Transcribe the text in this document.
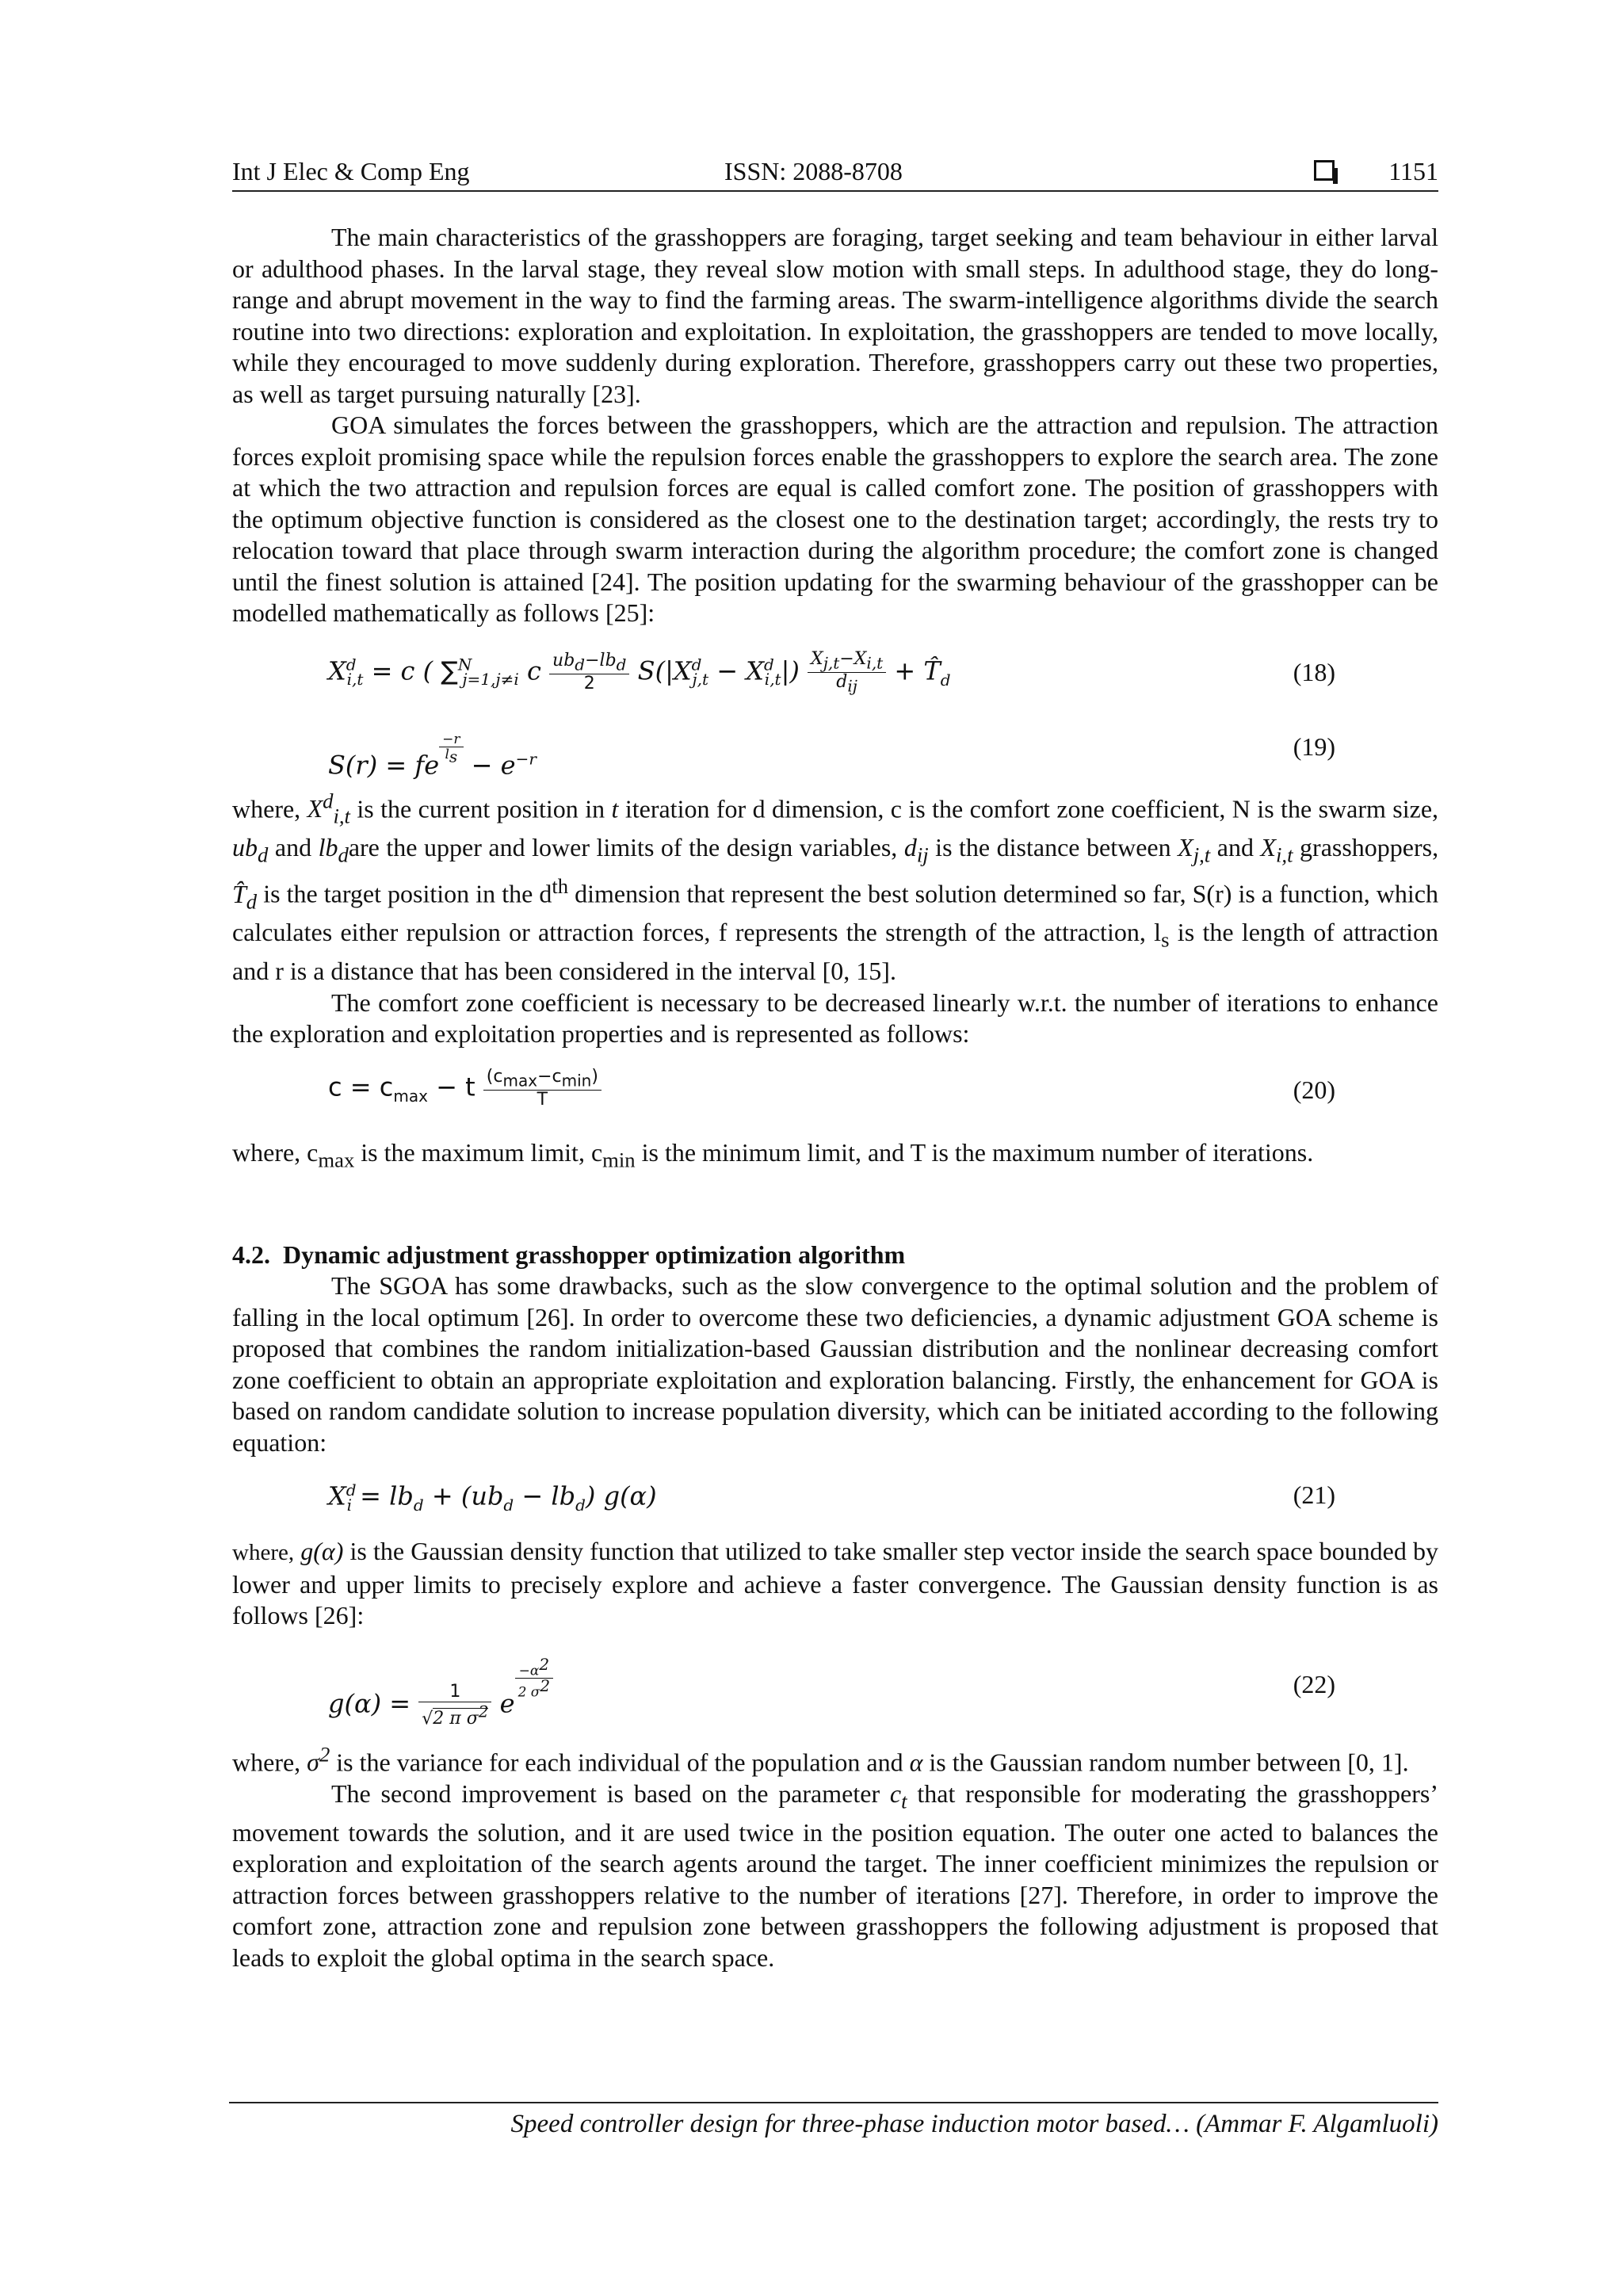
Int J Elec & Comp Eng	ISSN: 2088-8708	1151

The main characteristics of the grasshoppers are foraging, target seeking and team behaviour in either larval or adulthood phases. In the larval stage, they reveal slow motion with small steps. In adulthood stage, they do long-range and abrupt movement in the way to find the farming areas. The swarm-intelligence algorithms divide the search routine into two directions: exploration and exploitation. In exploitation, the grasshoppers are tended to move locally, while they encouraged to move suddenly during exploration. Therefore, grasshoppers carry out these two properties, as well as target pursuing naturally [23].

GOA simulates the forces between the grasshoppers, which are the attraction and repulsion. The attraction forces exploit promising space while the repulsion forces enable the grasshoppers to explore the search area. The zone at which the two attraction and repulsion forces are equal is called comfort zone. The position of grasshoppers with the optimum objective function is considered as the closest one to the destination target; accordingly, the rests try to relocation toward that place through swarm interaction during the algorithm procedure; the comfort zone is changed until the finest solution is attained [24]. The position updating for the swarming behaviour of the grasshopper can be modelled mathematically as follows [25]:

$X^d_{i,t} = c$ ( ∑$^N_{j=1,j\ne i}$ c $\frac{ub_d-lb_d}{2} S(|X^d_{j,t} - X^d_{i,t}|) \frac{X_{j,t}-X_{i,t}}{d_{ij}}$ + $T̂_d$	(18)
S(r) = fe
$^{\frac{-r}{l_s}}$
− $e^{-r}$	(19)

where, $X^d_{i,t}$ is the current position in t iteration for d dimension, c is the comfort zone coefficient, N is the swarm size, $ub_d$ and $lb_dare$ the upper and lower limits of the design variables, $d_{ij}$ is the distance between $X_{j,t}$ and $X_{i,t}$ grasshoppers, $T̂_d$ is the target position in the $d^{th}$ dimension that represent the best solution determined so far, S(r) is a function, which calculates either repulsion or attraction forces, f represents the strength of the attraction, $l_s$ is the length of attraction and r is a distance that has been considered in the interval [0, 15].

The comfort zone coefficient is necessary to be decreased linearly w.r.t. the number of iterations to enhance the exploration and exploitation properties and is represented as follows:

$c = c_{max} - t \frac{(c_{max}-c_{min})}{T}$	(20)

where, $c_{max}$ is the maximum limit, $c_{min}$ is the minimum limit, and T is the maximum number of iterations.

4.2.  Dynamic adjustment grasshopper optimization algorithm

The SGOA has some drawbacks, such as the slow convergence to the optimal solution and the problem of falling in the local optimum [26]. In order to overcome these two deficiencies, a dynamic adjustment GOA scheme is proposed that combines the random initialization-based Gaussian distribution and the nonlinear decreasing comfort zone coefficient to obtain an appropriate exploitation and exploration balancing. Firstly, the enhancement for GOA is based on random candidate solution to increase population diversity, which can be initiated according to the following equation:

$X^d_i = lb_d + (ub_d - lb_d)$ g(α)	(21)

where, g(α) is the Gaussian density function that utilized to take smaller step vector inside the search space bounded by lower and upper limits to precisely explore and achieve a faster convergence. The Gaussian density function is as follows [26]:

$g(\alpha) = \frac{1}{√2 \pi \sigma^2}$ e
$^{\frac{-\alpha^2}{2 \sigma^2}}$	(22)

where, $\sigma^2$ is the variance for each individual of the population and α is the Gaussian random number between [0, 1].

The second improvement is based on the parameter $c_t$ that responsible for moderating the grasshoppers’ movement towards the solution, and it are used twice in the position equation. The outer one acted to balances the exploration and exploitation of the search agents around the target. The inner coefficient minimizes the repulsion or attraction forces between grasshoppers relative to the number of iterations [27]. Therefore, in order to improve the comfort zone, attraction zone and repulsion zone between grasshoppers the following adjustment is proposed that leads to exploit the global optima in the search space.

Speed controller design for three-phase induction motor based… (Ammar F. Algamluoli)
